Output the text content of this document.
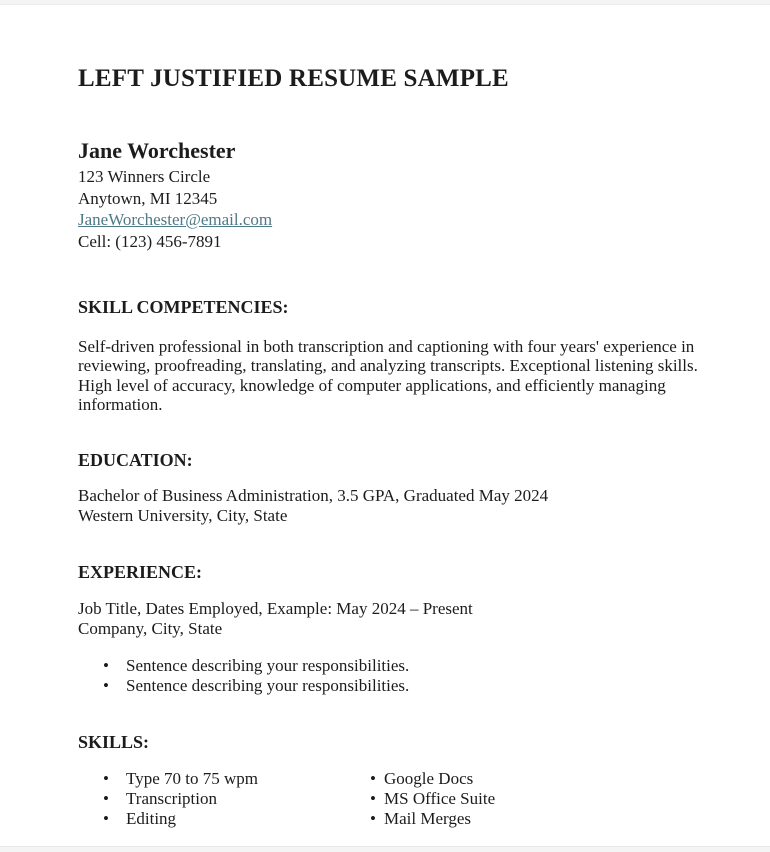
LEFT JUSTIFIED RESUME SAMPLE
Jane Worchester
123 Winners Circle
Anytown, MI 12345
JaneWorchester@email.com
Cell: (123) 456-7891
SKILL COMPETENCIES:

Self-driven professional in both transcription and captioning with four years' experience in reviewing, proofreading, translating, and analyzing transcripts. Exceptional listening skills. High level of accuracy, knowledge of computer applications, and efficiently managing information.

EDUCATION:
Bachelor of Business Administration, 3.5 GPA, Graduated May 2024
Western University, City, State
EXPERIENCE:
Job Title, Dates Employed, Example: May 2024 – Present
Company, City, State
• Sentence describing your responsibilities.
• Sentence describing your responsibilities.
SKILLS:
• Type 70 to 75 wpm
• Transcription
• Editing
• Google Docs
• MS Office Suite
• Mail Merges
